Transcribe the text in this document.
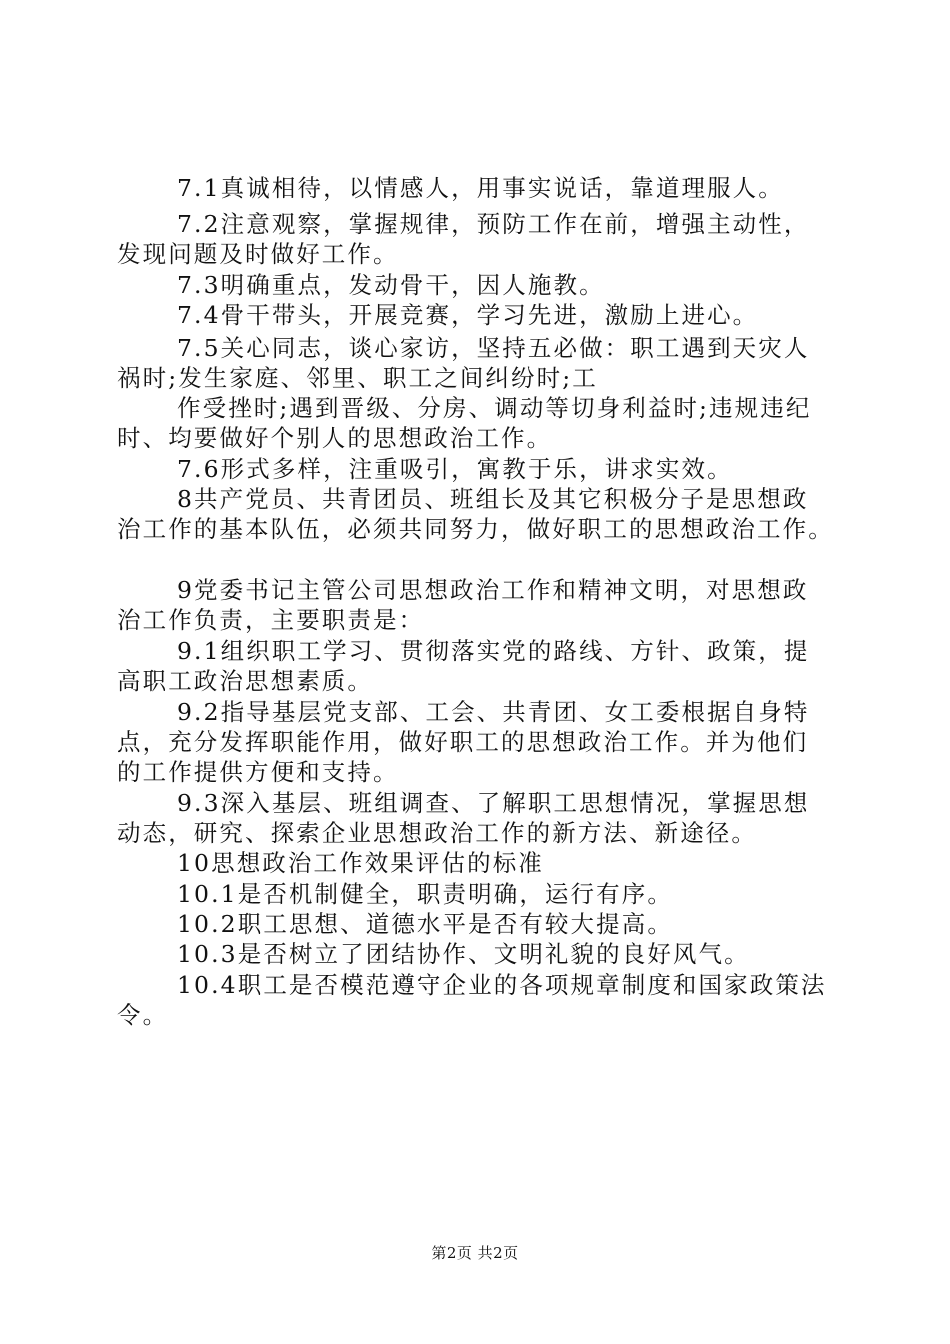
7.1真诚相待，以情感人，用事实说话，靠道理服人。
7.2注意观察，掌握规律，预防工作在前，增强主动性，
发现问题及时做好工作。
7.3明确重点，发动骨干，因人施教。
7.4骨干带头，开展竞赛，学习先进，激励上进心。
7.5关心同志，谈心家访，坚持五必做：职工遇到天灾人
祸时;发生家庭、邻里、职工之间纠纷时;工
作受挫时;遇到晋级、分房、调动等切身利益时;违规违纪
时、均要做好个别人的思想政治工作。
7.6形式多样，注重吸引，寓教于乐，讲求实效。
8共产党员、共青团员、班组长及其它积极分子是思想政
治工作的基本队伍，必须共同努力，做好职工的思想政治工作。
9党委书记主管公司思想政治工作和精神文明，对思想政
治工作负责，主要职责是：
9.1组织职工学习、贯彻落实党的路线、方针、政策，提
高职工政治思想素质。
9.2指导基层党支部、工会、共青团、女工委根据自身特
点，充分发挥职能作用，做好职工的思想政治工作。并为他们
的工作提供方便和支持。
9.3深入基层、班组调查、了解职工思想情况，掌握思想
动态，研究、探索企业思想政治工作的新方法、新途径。
10思想政治工作效果评估的标准
10.1是否机制健全，职责明确，运行有序。
10.2职工思想、道德水平是否有较大提高。
10.3是否树立了团结协作、文明礼貌的良好风气。
10.4职工是否模范遵守企业的各项规章制度和国家政策法
令。
第2页 共2页
